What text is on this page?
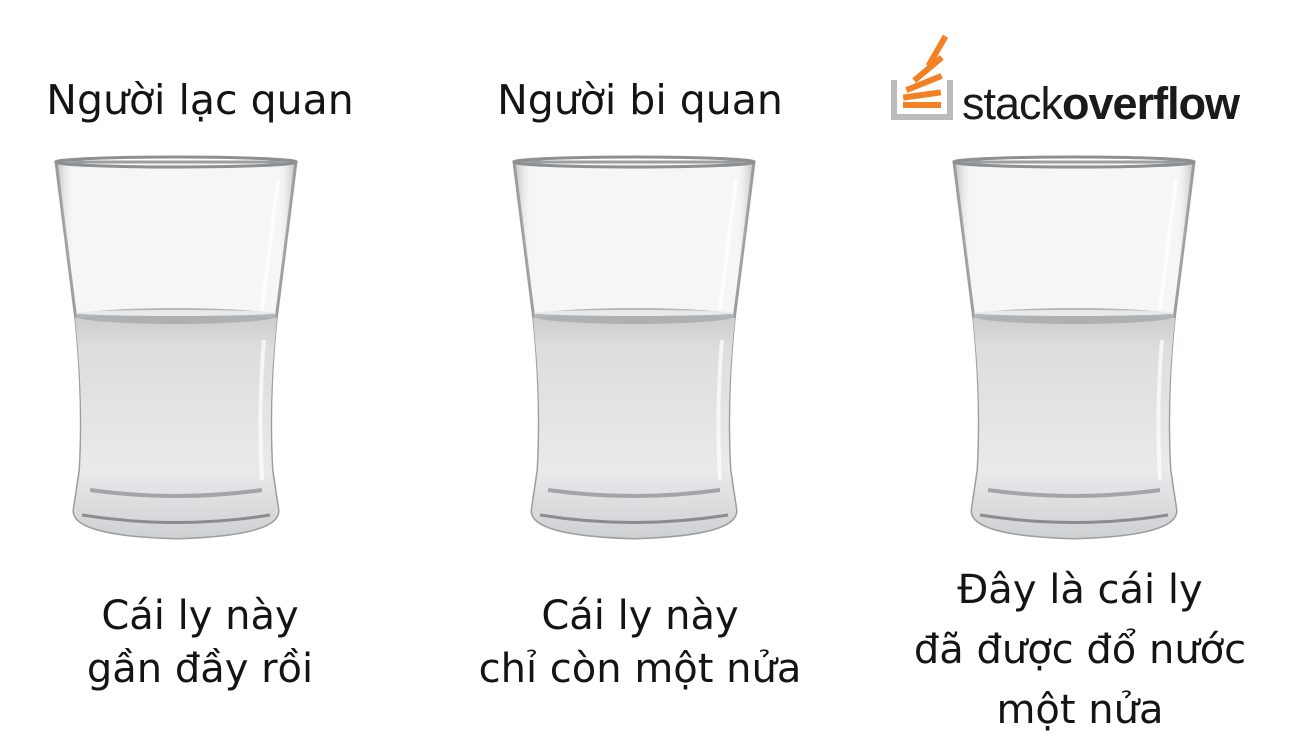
Người lạc quan
Cái ly này
gần đầy rồi
Người bi quan
Cái ly này
chỉ còn một nửa
stackoverflow
Đây là cái ly
đã được đổ nước
một nửa
